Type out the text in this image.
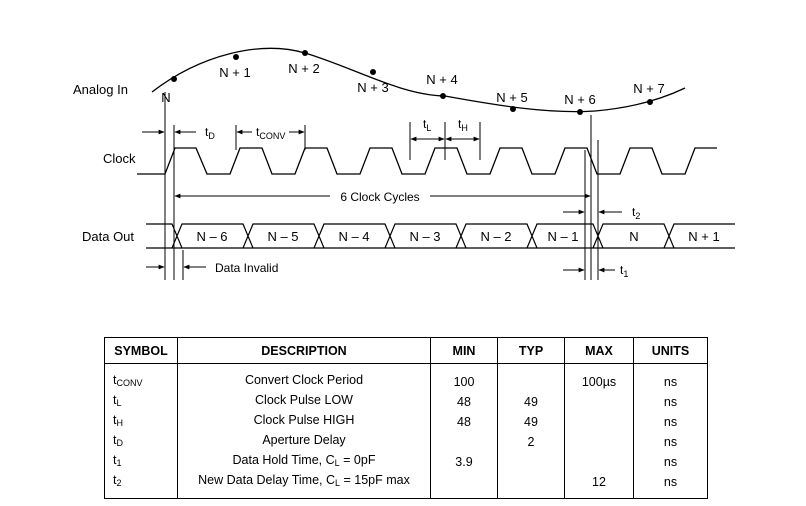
Analog In
Clock
Data Out
N
N + 1	N + 2
N + 3
N + 4
N + 5	N + 6
N + 7
N – 6	N – 5	N – 4	N – 3	N – 2	N – 1	N	N + 1
6 Clock Cycles
Data Invalid
$t_D$	$t_{CONV}$
$t_L$ $t_H$
$t_2$
$t_1$
SYMBOL	DESCRIPTION	MIN	TYP	MAX	UNITS
$t_{CONV}$	Convert Clock Period	100		100µs	ns
$t_L$	Clock Pulse LOW	48	49		ns
$t_H$	Clock Pulse HIGH	48	49		ns
$t_D$	Aperture Delay		2		ns
$t_1$	Data Hold Time, $C_L = 0pF$	3.9			ns
$t_2$	New Data Delay Time, $C_L = 15pF$ max			12	ns
